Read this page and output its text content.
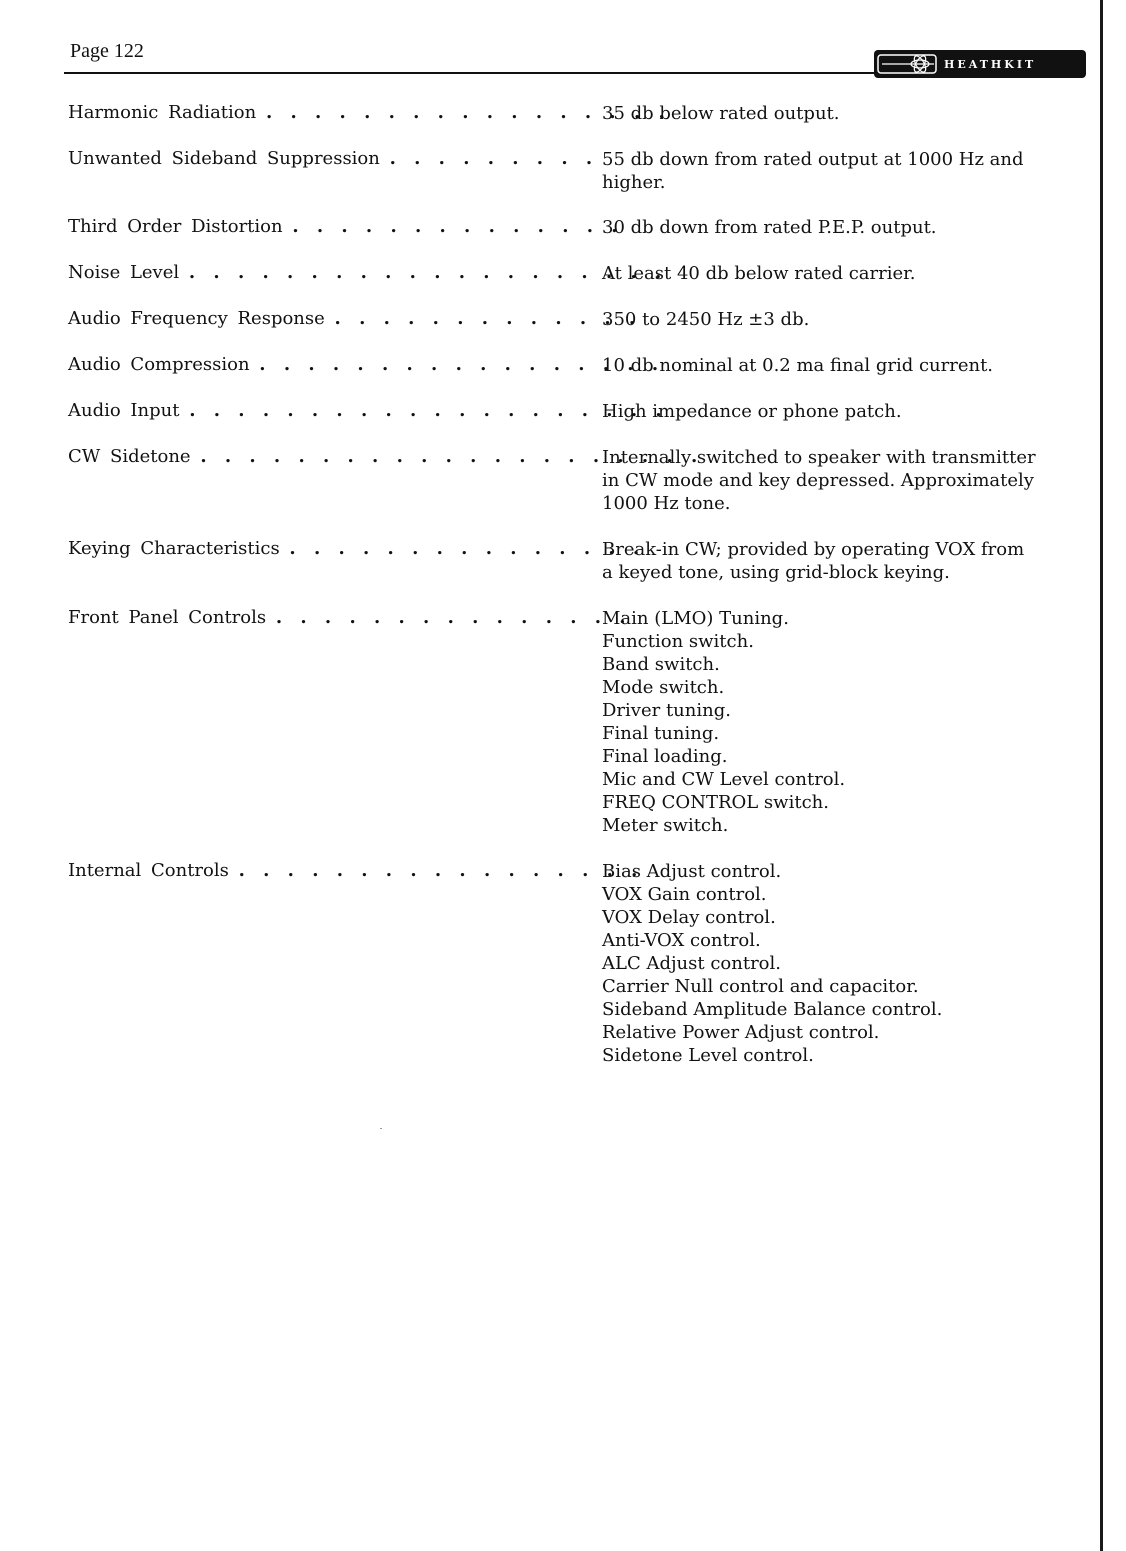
Page 122
HEATHKIT
Harmonic Radiation . . . . . . . . . . . . . . . . .
35 db below rated output.
Unwanted Sideband Suppression . . . . . . . . . 55 db down from rated output at 1000 Hz and
higher.
Third Order Distortion . . . . . . . . . . . . . .
30 db down from rated P.E.P. output.
Noise Level . . . . . . . . . . . . . . . . . . . .
At least 40 db below rated carrier.
Audio Frequency Response . . . . . . . . . . . . .
350 to 2450 Hz ±3 db.
Audio Compression . . . . . . . . . . . . . . . . .
10 db nominal at 0.2 ma final grid current.
Audio Input . . . . . . . . . . . . . . . . . . . .
High impedance or phone patch.
CW Sidetone . . . . . . . . . . . . . . . . . . . . .
Internally switched to speaker with transmitter
in CW mode and key depressed. Approximately
1000 Hz tone.
Keying Characteristics . . . . . . . . . . . . . . .
Break-in CW; provided by operating VOX from
a keyed tone, using grid-block keying.
Front Panel Controls . . . . . . . . . . . . . . .
Main (LMO) Tuning.
Function switch.
Band switch.
Mode switch.
Driver tuning.
Final tuning.
Final loading.
Mic and CW Level control.
FREQ CONTROL switch.
Meter switch.
Internal Controls . . . . . . . . . . . . . . . . .
Bias Adjust control.
VOX Gain control.
VOX Delay control.
Anti-VOX control.
ALC Adjust control.
Carrier Null control and capacitor.
Sideband Amplitude Balance control.
Relative Power Adjust control.
Sidetone Level control.
